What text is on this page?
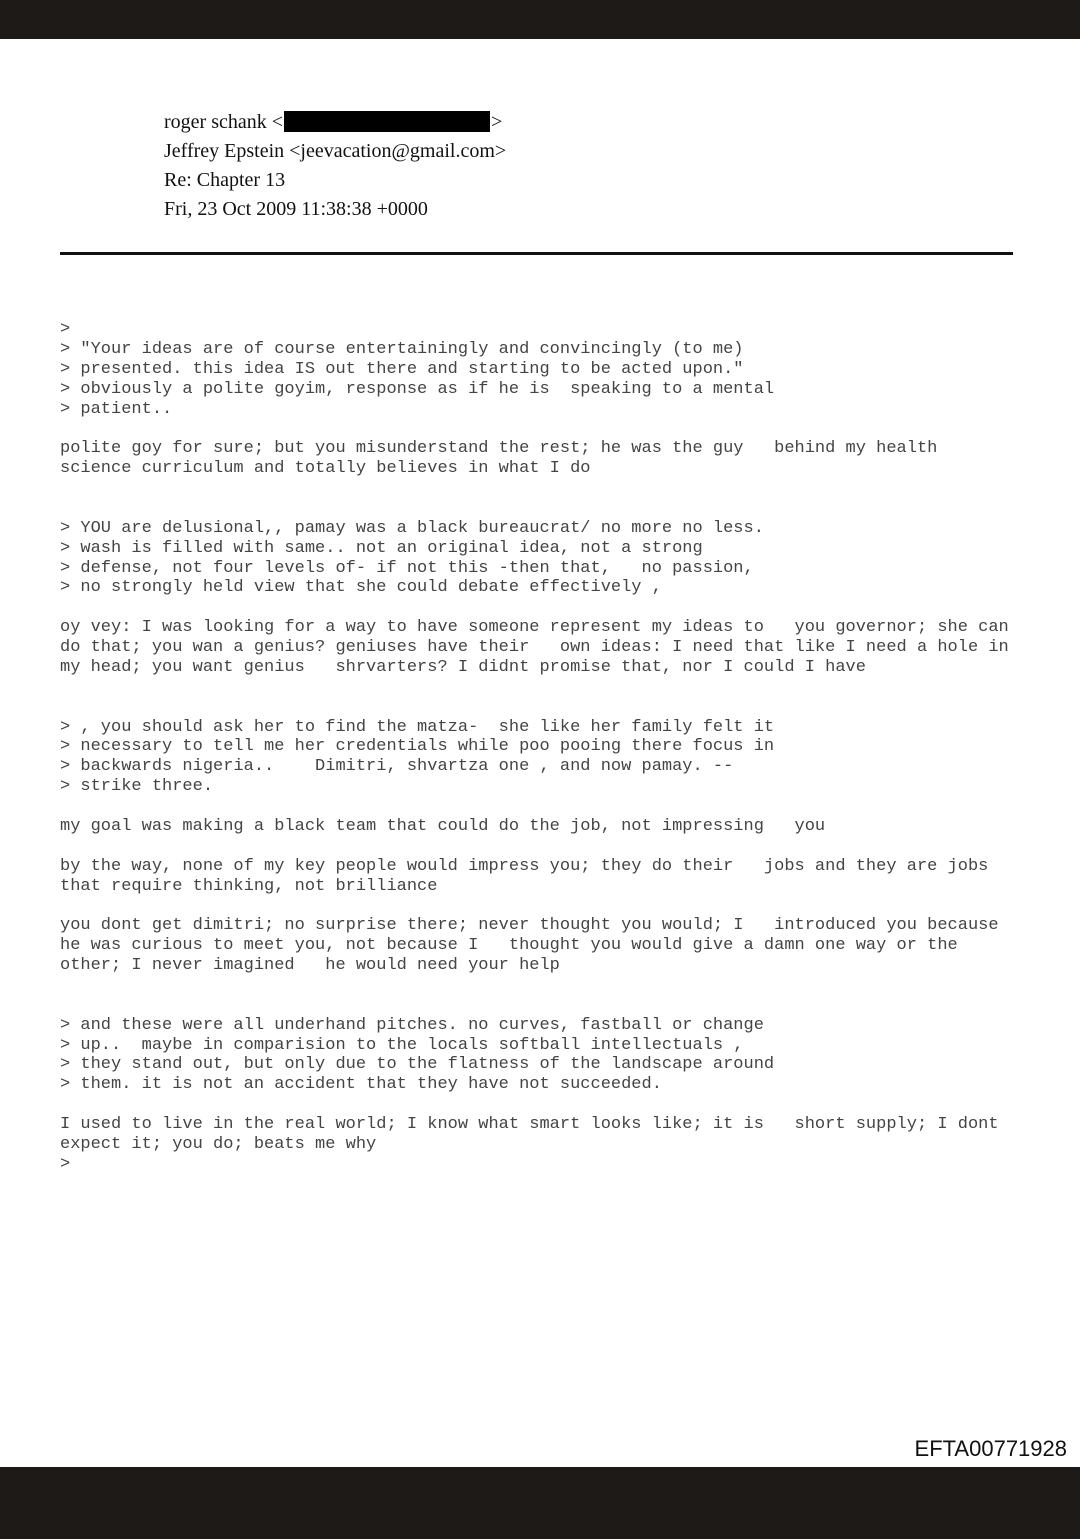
roger schank <	>
Jeffrey Epstein <jeevacation@gmail.com>
Re: Chapter 13
Fri, 23 Oct 2009 11:38:38 +0000
>
> "Your ideas are of course entertainingly and convincingly (to me)
> presented. this idea IS out there and starting to be acted upon."
> obviously a polite goyim, response as if he is  speaking to a mental
> patient..

polite goy for sure; but you misunderstand the rest; he was the guy   behind my health
science curriculum and totally believes in what I do

> YOU are delusional,, pamay was a black bureaucrat/ no more no less.
> wash is filled with same.. not an original idea, not a strong
> defense, not four levels of- if not this -then that,   no passion,
> no strongly held view that she could debate effectively ,

oy vey: I was looking for a way to have someone represent my ideas to   you governor; she can
do that; you wan a genius? geniuses have their   own ideas: I need that like I need a hole in
my head; you want genius   shrvarters? I didnt promise that, nor I could I have

> , you should ask her to find the matza-  she like her family felt it
> necessary to tell me her credentials while poo pooing there focus in
> backwards nigeria..    Dimitri, shvartza one , and now pamay. --
> strike three.

my goal was making a black team that could do the job, not impressing   you

by the way, none of my key people would impress you; they do their   jobs and they are jobs
that require thinking, not brilliance

you dont get dimitri; no surprise there; never thought you would; I   introduced you because
he was curious to meet you, not because I   thought you would give a damn one way or the
other; I never imagined   he would need your help

> and these were all underhand pitches. no curves, fastball or change
> up..  maybe in comparision to the locals softball intellectuals ,
> they stand out, but only due to the flatness of the landscape around
> them. it is not an accident that they have not succeeded.

I used to live in the real world; I know what smart looks like; it is   short supply; I dont
expect it; you do; beats me why
>
EFTA00771928
